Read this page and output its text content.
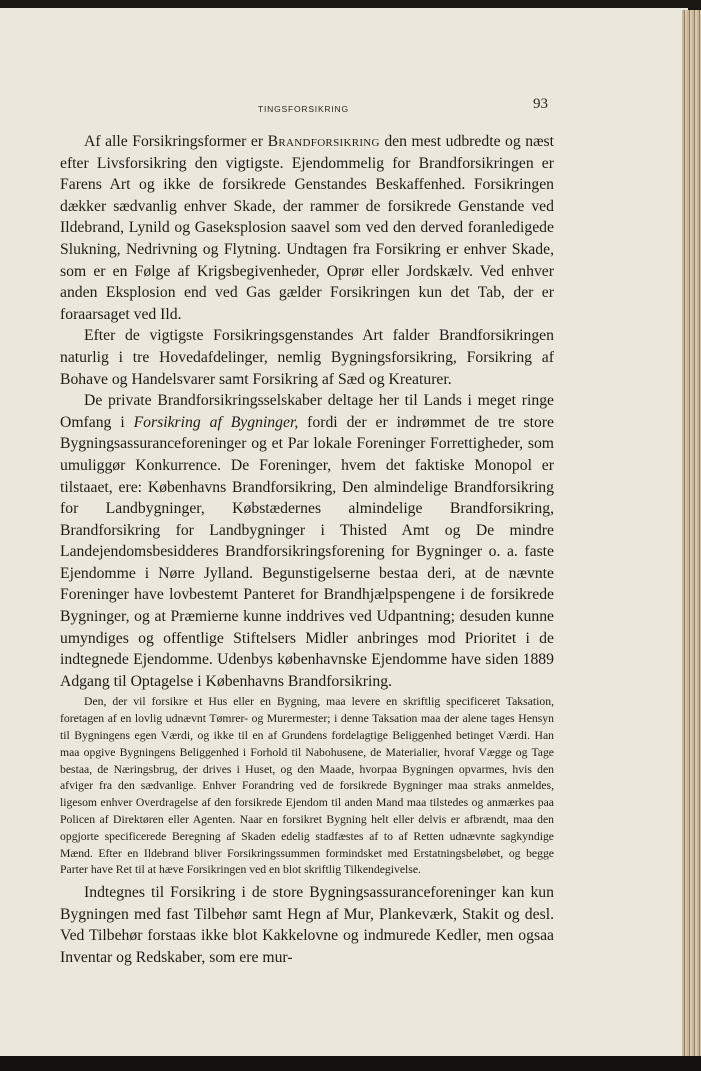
TINGSFORSIKRING	93

Af alle Forsikringsformer er Brandforsikring den mest udbredte og næst efter Livsforsikring den vigtigste. Ejendommelig for Brandforsikringen er Farens Art og ikke de forsikrede Genstandes Beskaffenhed. Forsikringen dækker sædvanlig enhver Skade, der rammer de forsikrede Genstande ved Ildebrand, Lynild og Gaseksplosion saavel som ved den derved foranledigede Slukning, Nedrivning og Flytning. Undtagen fra Forsikring er enhver Skade, som er en Følge af Krigsbegivenheder, Oprør eller Jordskælv. Ved enhver anden Eksplosion end ved Gas gælder Forsikringen kun det Tab, der er foraarsaget ved Ild.

Efter de vigtigste Forsikringsgenstandes Art falder Brandforsikringen naturlig i tre Hovedafdelinger, nemlig Bygningsforsikring, Forsikring af Bohave og Handelsvarer samt Forsikring af Sæd og Kreaturer.

De private Brandforsikringsselskaber deltage her til Lands i meget ringe Omfang i Forsikring af Bygninger, fordi der er indrømmet de tre store Bygningsassuranceforeninger og et Par lokale Foreninger Forrettigheder, som umuliggør Konkurrence. De Foreninger, hvem det faktiske Monopol er tilstaaet, ere: Københavns Brandforsikring, Den almindelige Brandforsikring for Landbygninger, Købstædernes almindelige Brandforsikring, Brandforsikring for Landbygninger i Thisted Amt og De mindre Landejendomsbesidderes Brandforsikringsforening for Bygninger o. a. faste Ejendomme i Nørre Jylland. Begunstigelserne bestaa deri, at de nævnte Foreninger have lovbestemt Panteret for Brandhjælpspengene i de forsikrede Bygninger, og at Præmierne kunne inddrives ved Udpantning; desuden kunne umyndiges og offentlige Stiftelsers Midler anbringes mod Prioritet i de indtegnede Ejendomme. Udenbys københavnske Ejendomme have siden 1889 Adgang til Optagelse i Københavns Brandforsikring.

Den, der vil forsikre et Hus eller en Bygning, maa levere en skriftlig specificeret Taksation, foretagen af en lovlig udnævnt Tømrer- og Murermester; i denne Taksation maa der alene tages Hensyn til Bygningens egen Værdi, og ikke til en af Grundens fordelagtige Beliggenhed betinget Værdi. Han maa opgive Bygningens Beliggenhed i Forhold til Nabohusene, de Materialier, hvoraf Vægge og Tage bestaa, de Næringsbrug, der drives i Huset, og den Maade, hvorpaa Bygningen opvarmes, hvis den afviger fra den sædvanlige. Enhver Forandring ved de forsikrede Bygninger maa straks anmeldes, ligesom enhver Overdragelse af den forsikrede Ejendom til anden Mand maa tilstedes og anmærkes paa Policen af Direktøren eller Agenten. Naar en forsikret Bygning helt eller delvis er afbrændt, maa den opgjorte specificerede Beregning af Skaden edelig stadfæstes af to af Retten udnævnte sagkyndige Mænd. Efter en Ildebrand bliver Forsikringssummen formindsket med Erstatningsbeløbet, og begge Parter have Ret til at hæve Forsikringen ved en blot skriftlig Tilkendegivelse.

Indtegnes til Forsikring i de store Bygningsassuranceforeninger kan kun Bygningen med fast Tilbehør samt Hegn af Mur, Plankeværk, Stakit og desl. Ved Tilbehør forstaas ikke blot Kakkelovne og indmurede Kedler, men ogsaa Inventar og Redskaber, som ere mur-
